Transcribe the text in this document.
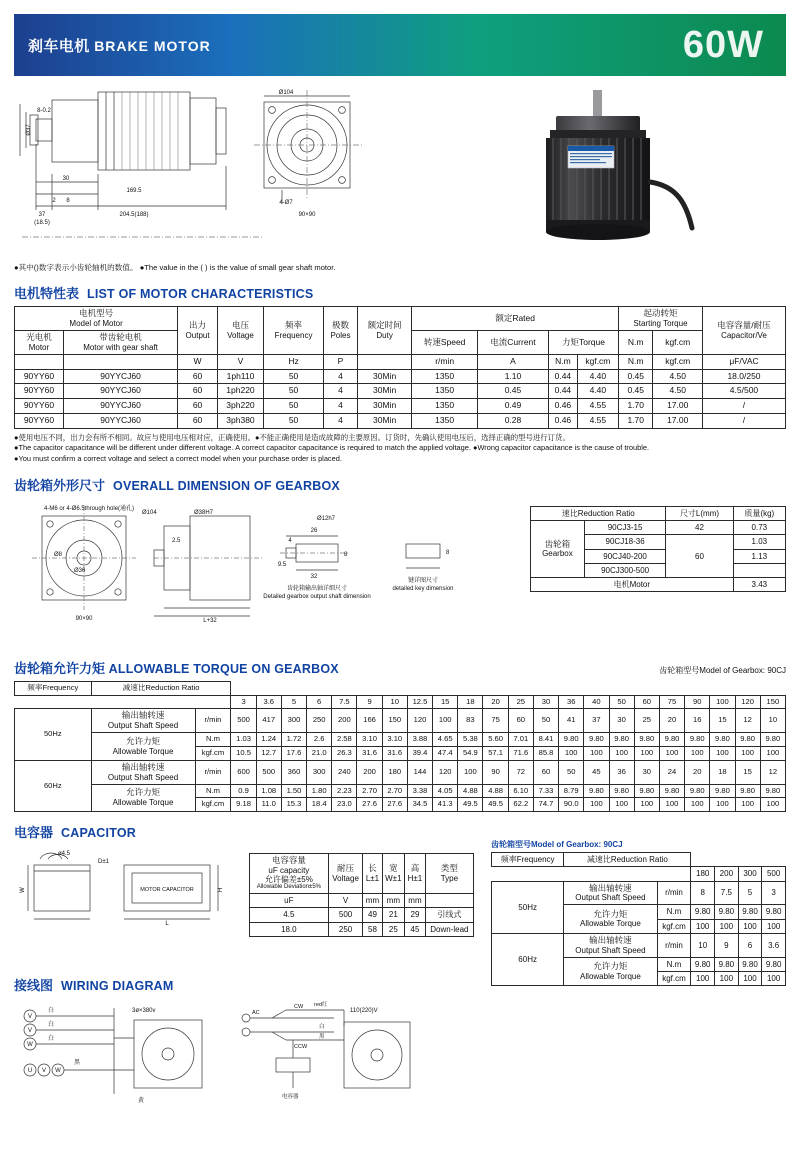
刹车电机 BRAKE MOTOR	60W
Ø37
8-0.2
30
37
(18.5)
2 8
169.5
204.5(188)
Ø104
4-Ø7
90×90
●其中()数字表示小齿轮轴机的数值。 ●The value in the ( ) is the value of small gear shaft motor.
电机特性表 LIST OF MOTOR CHARACTERISTICS
电机型号
Model of Motor		出力
Output	电压
Voltage	频率
Frequency	极数
Poles	额定时间
Duty	额定Rated				起动转矩
Starting Torque		电容容量/耐压
Capacitor/Ve

光电机
Motor	带齿轮电机
Motor with gear shaft						转速Speed	电流Current	力矩Torque		N.m	kgf.cm	

		W	V	Hz	P		r/min	A	N.m	kgf.cm	N.m	kgf.cm	μF/VAC
90YY60	90YYCJ60	60	1ph110	50	4	30Min	1350	1.10	0.44	4.40	0.45	4.50	18.0/250
90YY60	90YYCJ60	60	1ph220	50	4	30Min	1350	0.45	0.44	4.40	0.45	4.50	4.5/500
90YY60	90YYCJ60	60	3ph220	50	4	30Min	1350	0.49	0.46	4.55	1.70	17.00	/
90YY60	90YYCJ60	60	3ph380	50	4	30Min	1350	0.28	0.46	4.55	1.70	17.00	/
●使用电压不同，出力会有所不相同。故应与使用电压相对应，正确使用。●不能正确使用是造成故障的主要原因。订货时，先确认使用电压后，选择正确的型号进行订货。
●The capacitor capacitance will be different under different voltage. A correct capacitor capacitance is required to match the applied voltage. ●Wrong capacitor capacitance is the cause of trouble.
●You must confirm a correct voltage and select a correct model when your purchase order is placed.
齿轮箱外形尺寸 OVERALL DIMENSION OF GEARBOX
4-M6 or 4-Ø6.5through hole(通孔)
Ø104
Ø8
Ø36
90×90
2.5
L+32
Ø38Н7
26
4
9.5
8
Ø12h7
32
齿轮箱输出轴详细尺寸
Detailed gearbox output shaft dimension
键详图尺寸
detailed key dimension
8
速比Reduction Ratio		尺寸L(mm)	质量(kg)

齿轮箱
Gearbox	90CJ3-15	42	0.73
	90CJ18-36	60	1.03
	90CJ40-200		1.13
	90CJ300-500		
电机Motor			3.43
齿轮箱允许力矩 ALLOWABLE TORQUE ON GEARBOX	齿轮箱型号Model of Gearbox: 90CJ
频率Frequency	减速比Reduction Ratio																							
			3	3.6	5	6	7.5	9	10	12.5	15	18	20	25	30	36	40	50	60	75	90	100	120	150
50Hz	输出轴转速
Output Shaft Speed	r/min	500	417	300	250	200	166	150	120	100	83	75	60	50	41	37	30	25	20	16	15	12	10

	允许力矩
Allowable Torque	N.m	1.03	1.24	1.72	2.6	2.58	3.10	3.10	3.88	4.65	5.38	5.60	7.01	8.41	9.80	9.80	9.80	9.80	9.80	9.80	9.80	9.80	9.80
		kgf.cm	10.5	12.7	17.6	21.0	26.3	31.6	31.6	39.4	47.4	54.9	57.1	71.6	85.8	100	100	100	100	100	100	100	100	100
60Hz	输出轴转速
Output Shaft Speed	r/min	600	500	360	300	240	200	180	144	120	100	90	72	60	50	45	36	30	24	20	18	15	12

	允许力矩
Allowable Torque	N.m	0.9	1.08	1.50	1.80	2.23	2.70	2.70	3.38	4.05	4.88	4.88	6.10	7.33	8.79	9.80	9.80	9.80	9.80	9.80	9.80	9.80	9.80
		kgf.cm	9.18	11.0	15.3	18.4	23.0	27.6	27.6	34.5	41.3	49.5	49.5	62.2	74.7	90.0	100	100	100	100	100	100	100	100
电容器 CAPACITOR
ø4.5
D±1
W	H
L
MOTOR CAPACITOR
电容容量
uF capacity
允许偏差±5%
Allowable Deviation±5%	耐压
Voltage	长
L±1	宽
W±1	高
H±1	类型
Type

uF	V	mm	mm	mm	
4.5	500	49	21	29	引线式
18.0	250	58	25	45	Down-lead
齿轮箱型号Model of Gearbox: 90CJ
频率Frequency	减速比Reduction Ratio					
			180	200	300	500
50Hz	输出轴转速
Output Shaft Speed	r/min	8	7.5	5	3

	允许力矩
Allowable Torque	N.m	9.80	9.80	9.80	9.80
		kgf.cm	100	100	100	100
60Hz	输出轴转速
Output Shaft Speed	r/min	10	9	6	3.6

	允许力矩
Allowable Torque	N.m	9.80	9.80	9.80	9.80
		kgf.cm	100	100	100	100
接线图 WIRING DIAGRAM
V
V
W
U V W
白
白
白
黑
3ø×380v
黄
AC
CW
CCW
red红
白
黑
电容器
110(220)V
